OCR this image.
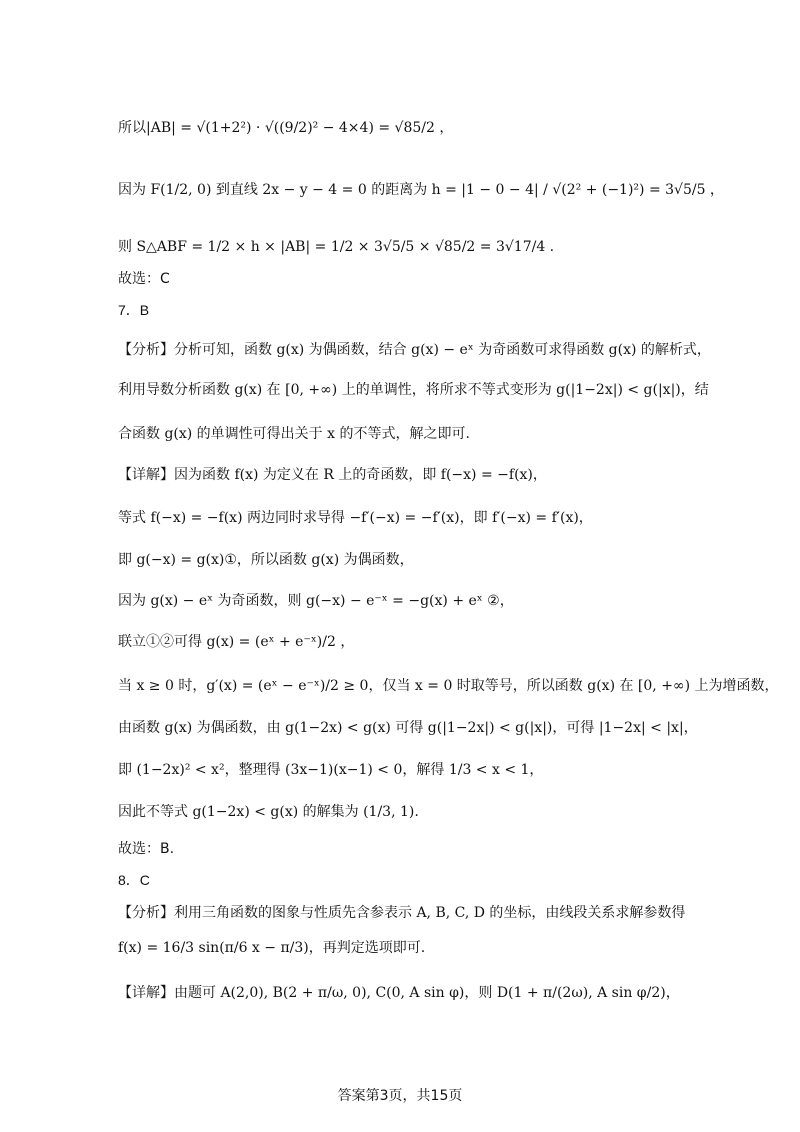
所以|AB| = √(1+2²) · √((9/2)² − 4×4) = √85/2 ，
因为 F(1/2, 0) 到直线 2x − y − 4 = 0 的距离为 h = |1 − 0 − 4| / √(2² + (−1)²) = 3√5/5 ，
则 S△ABF = 1/2 × h × |AB| = 1/2 × 3√5/5 × √85/2 = 3√17/4 .
故选：C
7．B
【分析】分析可知，函数 g(x) 为偶函数，结合 g(x) − eˣ 为奇函数可求得函数 g(x) 的解析式，
利用导数分析函数 g(x) 在 [0, +∞) 上的单调性，将所求不等式变形为 g(|1−2x|) < g(|x|)，结
合函数 g(x) 的单调性可得出关于 x 的不等式，解之即可.
【详解】因为函数 f(x) 为定义在 R 上的奇函数，即 f(−x) = −f(x)，
等式 f(−x) = −f(x) 两边同时求导得 −f′(−x) = −f′(x)，即 f′(−x) = f′(x)，
即 g(−x) = g(x)①，所以函数 g(x) 为偶函数，
因为 g(x) − eˣ 为奇函数，则 g(−x) − e⁻ˣ = −g(x) + eˣ ②，
联立①②可得 g(x) = (eˣ + e⁻ˣ)/2 ，
当 x ≥ 0 时，g′(x) = (eˣ − e⁻ˣ)/2 ≥ 0，仅当 x = 0 时取等号，所以函数 g(x) 在 [0, +∞) 上为增函数，
由函数 g(x) 为偶函数，由 g(1−2x) < g(x) 可得 g(|1−2x|) < g(|x|)，可得 |1−2x| < |x|，
即 (1−2x)² < x²，整理得 (3x−1)(x−1) < 0，解得 1/3 < x < 1，
因此不等式 g(1−2x) < g(x) 的解集为 (1/3, 1).
故选：B.
8．C
【分析】利用三角函数的图象与性质先含参表示 A, B, C, D 的坐标，由线段关系求解参数得
f(x) = 16/3 sin(π/6 x − π/3)，再判定选项即可.
【详解】由题可 A(2,0), B(2 + π/ω, 0), C(0, A sin φ)，则 D(1 + π/(2ω), A sin φ/2)，
答案第3页，共15页
